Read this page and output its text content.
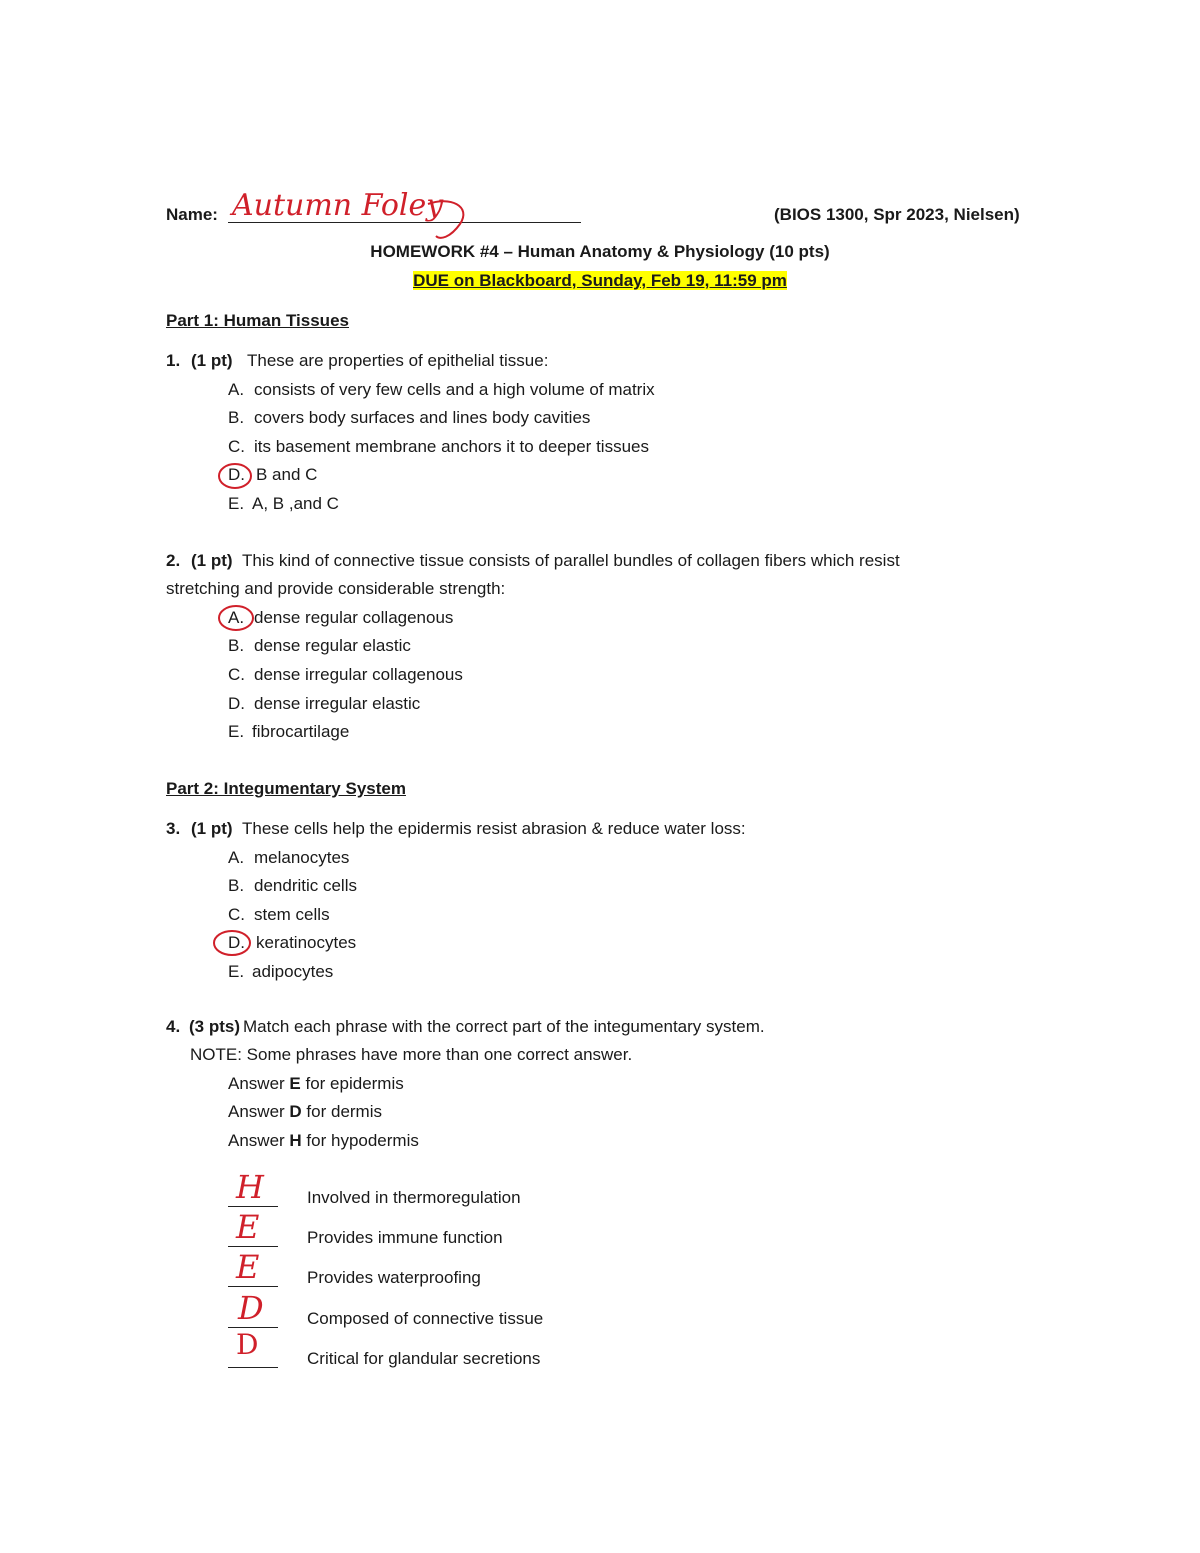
Name: Autumn Foley	(BIOS 1300, Spr 2023, Nielsen)
HOMEWORK #4 – Human Anatomy & Physiology (10 pts)
DUE on Blackboard, Sunday, Feb 19, 11:59 pm
Part 1: Human Tissues
1. (1 pt) These are properties of epithelial tissue:
A. consists of very few cells and a high volume of matrix
B. covers body surfaces and lines body cavities
C. its basement membrane anchors it to deeper tissues
D. B and C
E. A, B ,and C
2. (1 pt) This kind of connective tissue consists of parallel bundles of collagen fibers which resist
stretching and provide considerable strength:
A. dense regular collagenous
B. dense regular elastic
C. dense irregular collagenous
D. dense irregular elastic
E. fibrocartilage
Part 2: Integumentary System
3. (1 pt) These cells help the epidermis resist abrasion & reduce water loss:
A. melanocytes
B. dendritic cells
C. stem cells
D. keratinocytes
E. adipocytes
4. (3 pts) Match each phrase with the correct part of the integumentary system.
NOTE: Some phrases have more than one correct answer.
Answer E for epidermis
Answer D for dermis
Answer H for hypodermis
H	Involved in thermoregulation
E	Provides immune function
E	Provides waterproofing
D	Composed of connective tissue
D	Critical for glandular secretions
